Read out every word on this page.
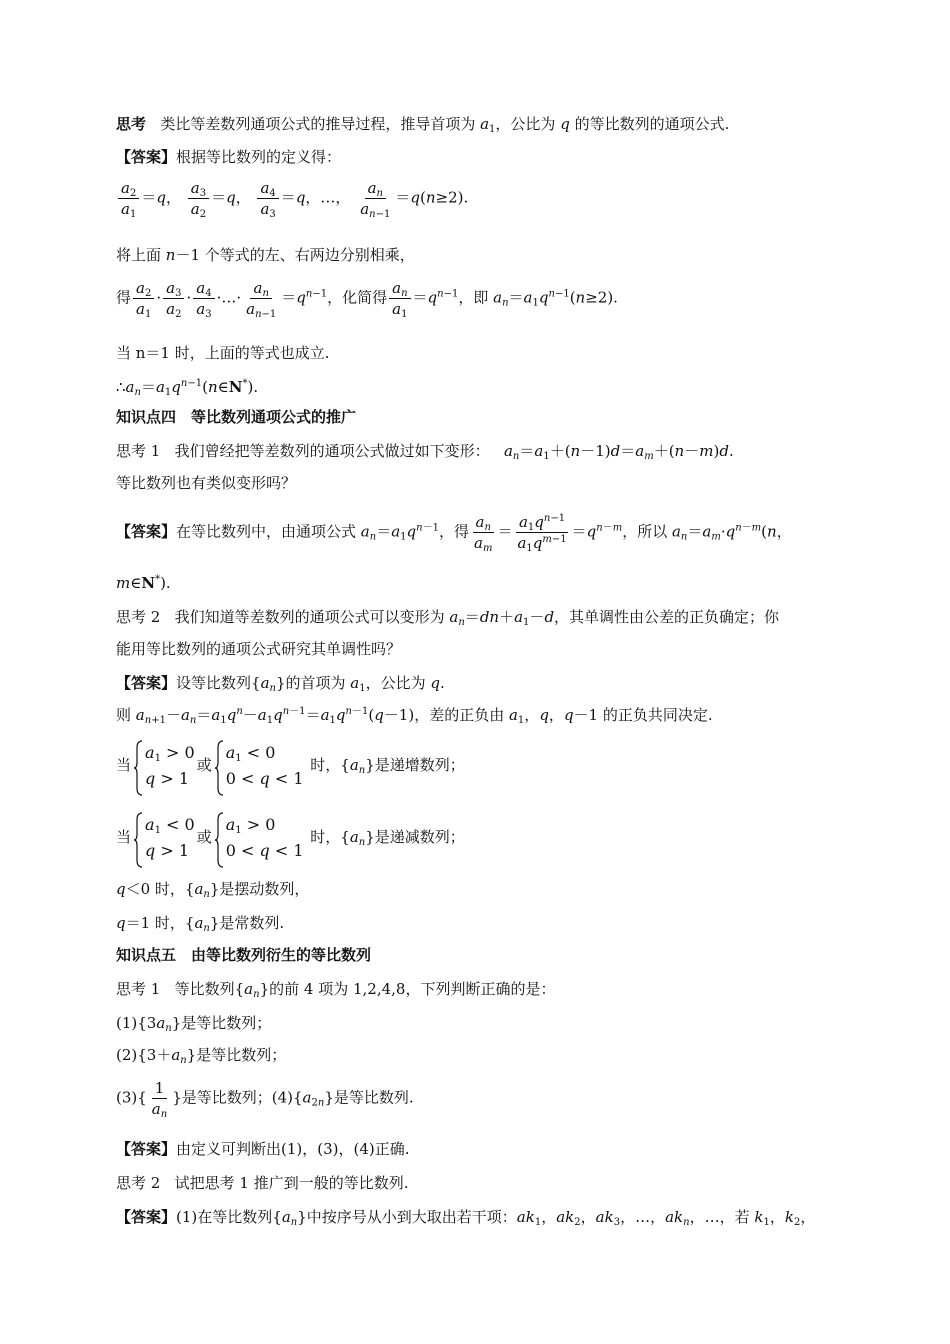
思考   类比等差数列通项公式的推导过程，推导首项为 $a_1$，公比为 q 的等比数列的通项公式.
【答案】根据等比数列的定义得：
$\frac{a_2}{a_1} =q$， $\frac{a_3}{a_2} =q$， $\frac{a_4}{a_3} =q$，…， $\frac{a_n}{a_{n-1}} =q(n\ge 2)$.
将上面 n－1 个等式的左、右两边分别相乘，
得 $\frac{a_2}{a_1} \cdot \frac{a_3}{a_2} \cdot \frac{a_4}{a_3}$ ·…· $\frac{a_n}{a_{n-1}} =q^{n-1}$，化简得 $\frac{a_n}{a_1} =q^{n-1}$，即 $a_n=a_1q^{n-1}(n\ge 2)$.
当 n＝1 时，上面的等式也成立.
$\therefore a_n=a_1q^{n-1}(n\in N^*)$.
知识点四　等比数列通项公式的推广
思考 1   我们曾经把等差数列的通项公式做过如下变形：   $a_n=a_1+(n-1)d=a_m+(n-m)d$.
等比数列也有类似变形吗？
【答案】在等比数列中，由通项公式 $a_n=a_1q^{n-1}$，得 $\frac{a_n}{a_m} = \frac{a_1q^{n-1}}{a_1q^{m-1}} =q^{n-m}$，所以 $a_n=a_m\cdot q^{n-m}(n$，
m∈N*).
思考 2   我们知道等差数列的通项公式可以变形为 $a_n=dn+a_1-d$，其单调性由公差的正负确定；你
能用等比数列的通项公式研究其单调性吗？
【答案】设等比数列$\{a_n\}$的首项为 $a_1$，公比为 q.
则 $a_{n+1}-a_n=a_1q^n-a_1q^{n-1}=a_1q^{n-1}(q-1)$，差的正负由 $a_1$，q，q－1 的正负共同决定.
当
$a_1 > 0$
q > 1
或
$a_1 < 0$
0 < q < 1
时，$\{a_n\}$是递增数列；
当
$a_1 < 0$
q > 1
或
$a_1 > 0$
0 < q < 1
时，$\{a_n\}$是递减数列；
q＜0 时，$\{a_n\}$是摆动数列，
q＝1 时，$\{a_n\}$是常数列.
知识点五　由等比数列衍生的等比数列
思考 1   等比数列$\{a_n\}$的前 4 项为 1,2,4,8，下列判断正确的是：
$(1)\{3a_n\}$是等比数列；
$(2)\{3+a_n\}$是等比数列；
$(3)\{ \frac{1}{a_n}$ }是等比数列；$(4)\{a_{2n}\}$是等比数列.
【答案】由定义可判断出(1)，(3)，(4)正确.
思考 2   试把思考 1 推广到一般的等比数列.
【答案】(1)在等比数列$\{a_n\}$中按序号从小到大取出若干项：$ak_1$，$ak_2$，$ak_3$，…，$ak_n$，…，若 $k_1$，$k_2$，
